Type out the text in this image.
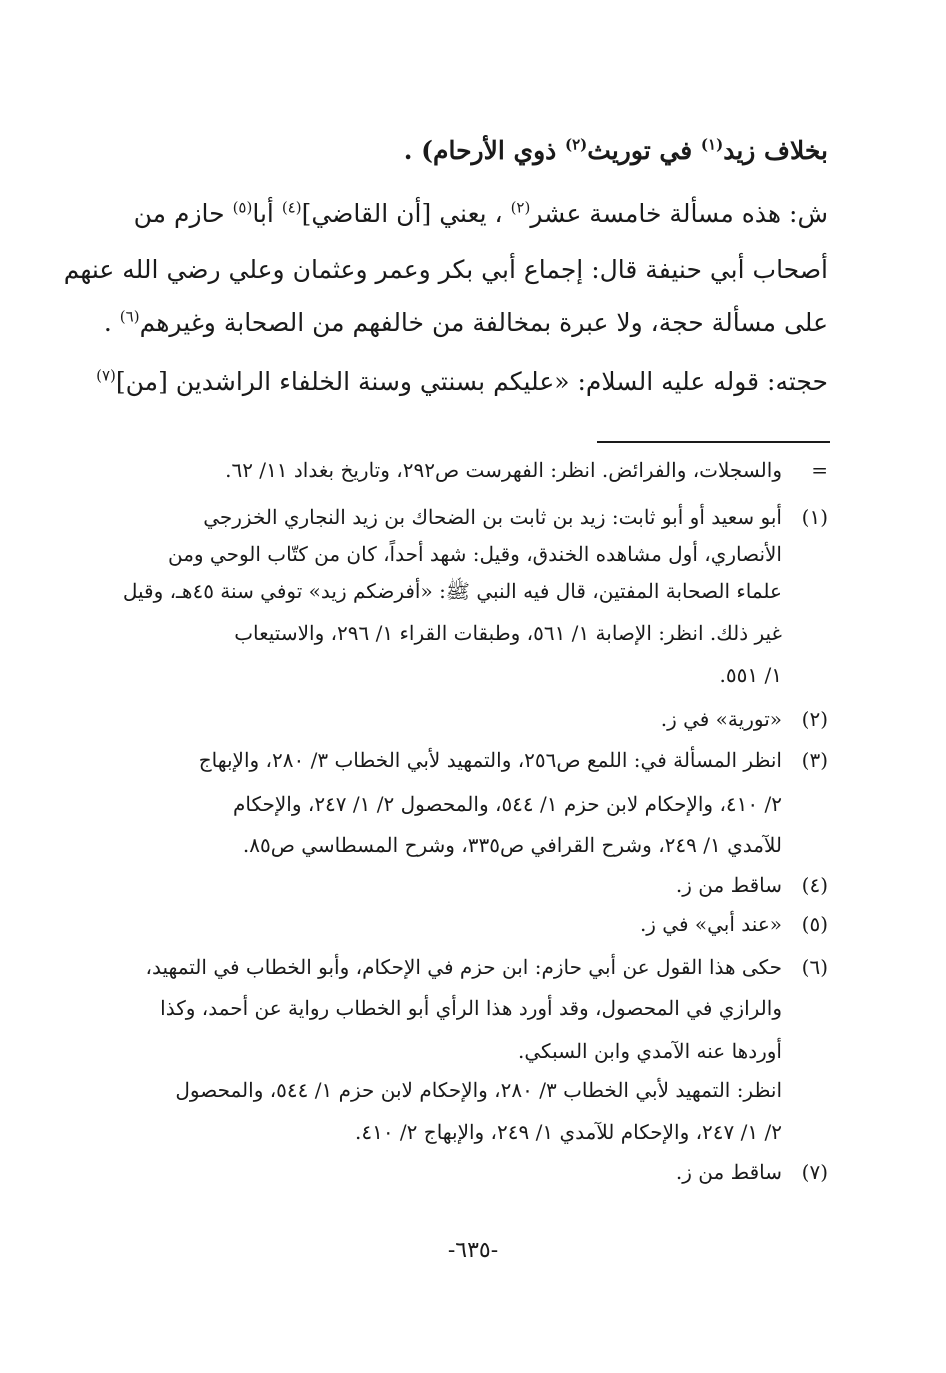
بخلاف زيد$^{(١)}$ في توريث$^{(٢)}$ ذوي الأرحام) .
ش: هذه مسألة خامسة عشر$^{(٢)}$ ، يعني [أن القاضي]$^{(٤)}$ أبا$^{(٥)}$ حازم من
أصحاب أبي حنيفة قال: إجماع أبي بكر وعمر وعثمان وعلي رضي الله عنهم
على مسألة حجة، ولا عبرة بمخالفة من خالفهم من الصحابة وغيرهم$^{(٦)}$ .
حجته: قوله عليه السلام: «عليكم بسنتي وسنة الخلفاء الراشدين [من]$^{(٧)}$
=والسجلات، والفرائض. انظر: الفهرست ص٢٩٢، وتاريخ بغداد ١١/ ٦٢.
(١)أبو سعيد أو أبو ثابت: زيد بن ثابت بن الضحاك بن زيد النجاري الخزرجي
الأنصاري، أول مشاهده الخندق، وقيل: شهد أحداً، كان من كتّاب الوحي ومن
علماء الصحابة المفتين، قال فيه النبي ﷺ: «أفرضكم زيد» توفي سنة ٤٥هـ، وقيل
غير ذلك. انظر: الإصابة ١/ ٥٦١، وطبقات القراء ١/ ٢٩٦، والاستيعاب
١/ ٥٥١.
(٢)«تورية» في ز.
(٣)انظر المسألة في: اللمع ص٢٥٦، والتمهيد لأبي الخطاب ٣/ ٢٨٠، والإبهاج
٢/ ٤١٠، والإحكام لابن حزم ١/ ٥٤٤، والمحصول ٢/ ١/ ٢٤٧، والإحكام
للآمدي ١/ ٢٤٩، وشرح القرافي ص٣٣٥، وشرح المسطاسي ص٨٥.
(٤)ساقط من ز.
(٥)«عند أبي» في ز.
(٦)حكى هذا القول عن أبي حازم: ابن حزم في الإحكام، وأبو الخطاب في التمهيد،
والرازي في المحصول، وقد أورد هذا الرأي أبو الخطاب رواية عن أحمد، وكذا
أوردها عنه الآمدي وابن السبكي.
انظر: التمهيد لأبي الخطاب ٣/ ٢٨٠، والإحكام لابن حزم ١/ ٥٤٤، والمحصول
٢/ ١/ ٢٤٧، والإحكام للآمدي ١/ ٢٤٩، والإبهاج ٢/ ٤١٠.
(٧)ساقط من ز.
-٦٣٥-
